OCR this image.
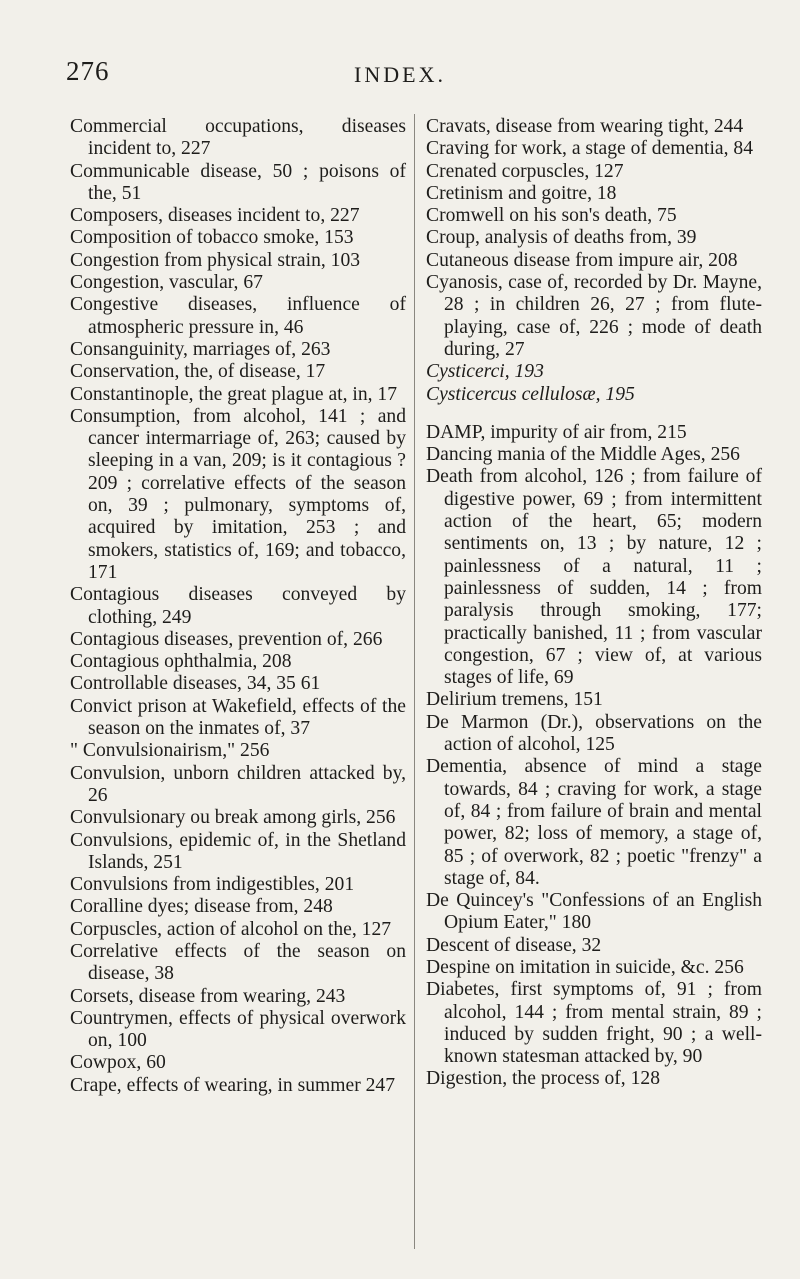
276	INDEX.
Commercial occupations, diseases incident to, 227
Communicable disease, 50 ; poisons of the, 51
Composers, diseases incident to, 227
Composition of tobacco smoke, 153
Congestion from physical strain, 103
Congestion, vascular, 67
Congestive diseases, influence of atmospheric pressure in, 46
Consanguinity, marriages of, 263
Conservation, the, of disease, 17
Constantinople, the great plague at, in, 17
Consumption, from alcohol, 141 ; and cancer intermarriage of, 263; caused by sleeping in a van, 209; is it contagious ? 209 ; correlative effects of the season on, 39 ; pulmonary, symptoms of, acquired by imitation, 253 ; and smokers, statistics of, 169; and tobacco, 171
Contagious diseases conveyed by clothing, 249
Contagious diseases, prevention of, 266
Contagious ophthalmia, 208
Controllable diseases, 34, 35 61
Convict prison at Wakefield, effects of the season on the inmates of, 37
" Convulsionairism," 256
Convulsion, unborn children attacked by, 26
Convulsionary ou break among girls, 256
Convulsions, epidemic of, in the Shetland Islands, 251
Convulsions from indigestibles, 201
Coralline dyes; disease from, 248
Corpuscles, action of alcohol on the, 127
Correlative effects of the season on disease, 38
Corsets, disease from wearing, 243
Countrymen, effects of physical overwork on, 100
Cowpox, 60
Crape, effects of wearing, in summer 247
Cravats, disease from wearing tight, 244
Craving for work, a stage of dementia, 84
Crenated corpuscles, 127
Cretinism and goitre, 18
Cromwell on his son's death, 75
Croup, analysis of deaths from, 39
Cutaneous disease from impure air, 208
Cyanosis, case of, recorded by Dr. Mayne, 28 ; in children 26, 27 ; from flute-playing, case of, 226 ; mode of death during, 27
Cysticerci, 193
Cysticercus cellulosæ, 195
DAMP, impurity of air from, 215
Dancing mania of the Middle Ages, 256
Death from alcohol, 126 ; from failure of digestive power, 69 ; from intermittent action of the heart, 65; modern sentiments on, 13 ; by nature, 12 ; painlessness of a natural, 11 ; painlessness of sudden, 14 ; from paralysis through smoking, 177; practically banished, 11 ; from vascular congestion, 67 ; view of, at various stages of life, 69
Delirium tremens, 151
De Marmon (Dr.), observations on the action of alcohol, 125
Dementia, absence of mind a stage towards, 84 ; craving for work, a stage of, 84 ; from failure of brain and mental power, 82; loss of memory, a stage of, 85 ; of overwork, 82 ; poetic "frenzy" a stage of, 84.
De Quincey's "Confessions of an English Opium Eater," 180
Descent of disease, 32
Despine on imitation in suicide, &c. 256
Diabetes, first symptoms of, 91 ; from alcohol, 144 ; from mental strain, 89 ; induced by sudden fright, 90 ; a well-known statesman attacked by, 90
Digestion, the process of, 128
